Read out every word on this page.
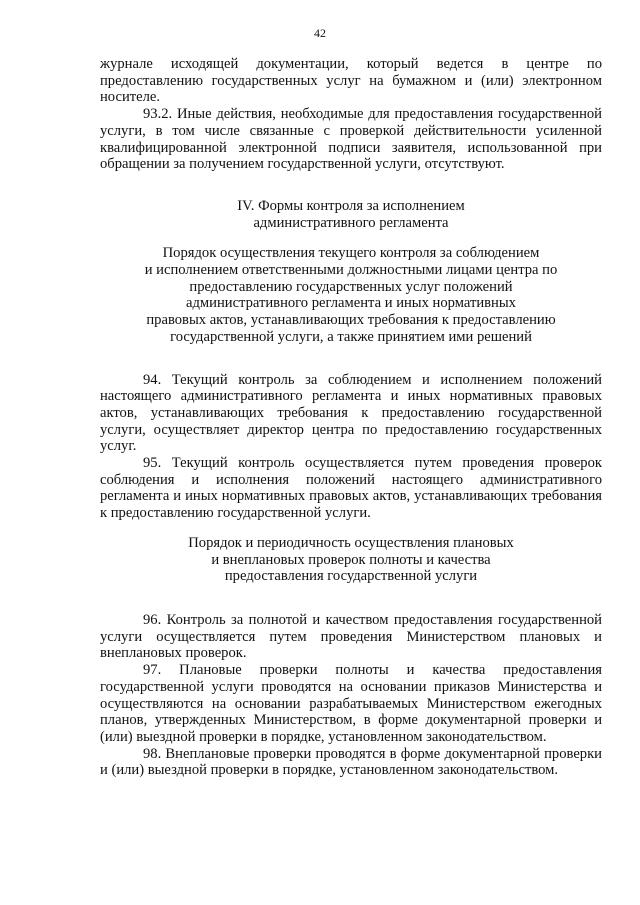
42

журнале исходящей документации, который ведется в центре по предоставлению государственных услуг на бумажном и (или) электронном носителе.

93.2. Иные действия, необходимые для предоставления государственной услуги, в том числе связанные с проверкой действительности усиленной квалифицированной электронной подписи заявителя, использованной при обращении за получением государственной услуги, отсутствуют.

IV. Формы контроля за исполнением
административного регламента

Порядок осуществления текущего контроля за соблюдением
и исполнением ответственными должностными лицами центра по
предоставлению государственных услуг положений
административного регламента и иных нормативных
правовых актов, устанавливающих требования к предоставлению
государственной услуги, а также принятием ими решений

94. Текущий контроль за соблюдением и исполнением положений настоящего административного регламента и иных нормативных правовых актов, устанавливающих требования к предоставлению государственной услуги, осуществляет директор центра по предоставлению государственных услуг.

95. Текущий контроль осуществляется путем проведения проверок соблюдения и исполнения положений настоящего административного регламента и иных нормативных правовых актов, устанавливающих требования к предоставлению государственной услуги.

Порядок и периодичность осуществления плановых
и внеплановых проверок полноты и качества
предоставления государственной услуги

96. Контроль за полнотой и качеством предоставления государственной услуги осуществляется путем проведения Министерством плановых и внеплановых проверок.

97. Плановые проверки полноты и качества предоставления государственной услуги проводятся на основании приказов Министерства и осуществляются на основании разрабатываемых Министерством ежегодных планов, утвержденных Министерством, в форме документарной проверки и (или) выездной проверки в порядке, установленном законодательством.

98. Внеплановые проверки проводятся в форме документарной проверки и (или) выездной проверки в порядке, установленном законодательством.
